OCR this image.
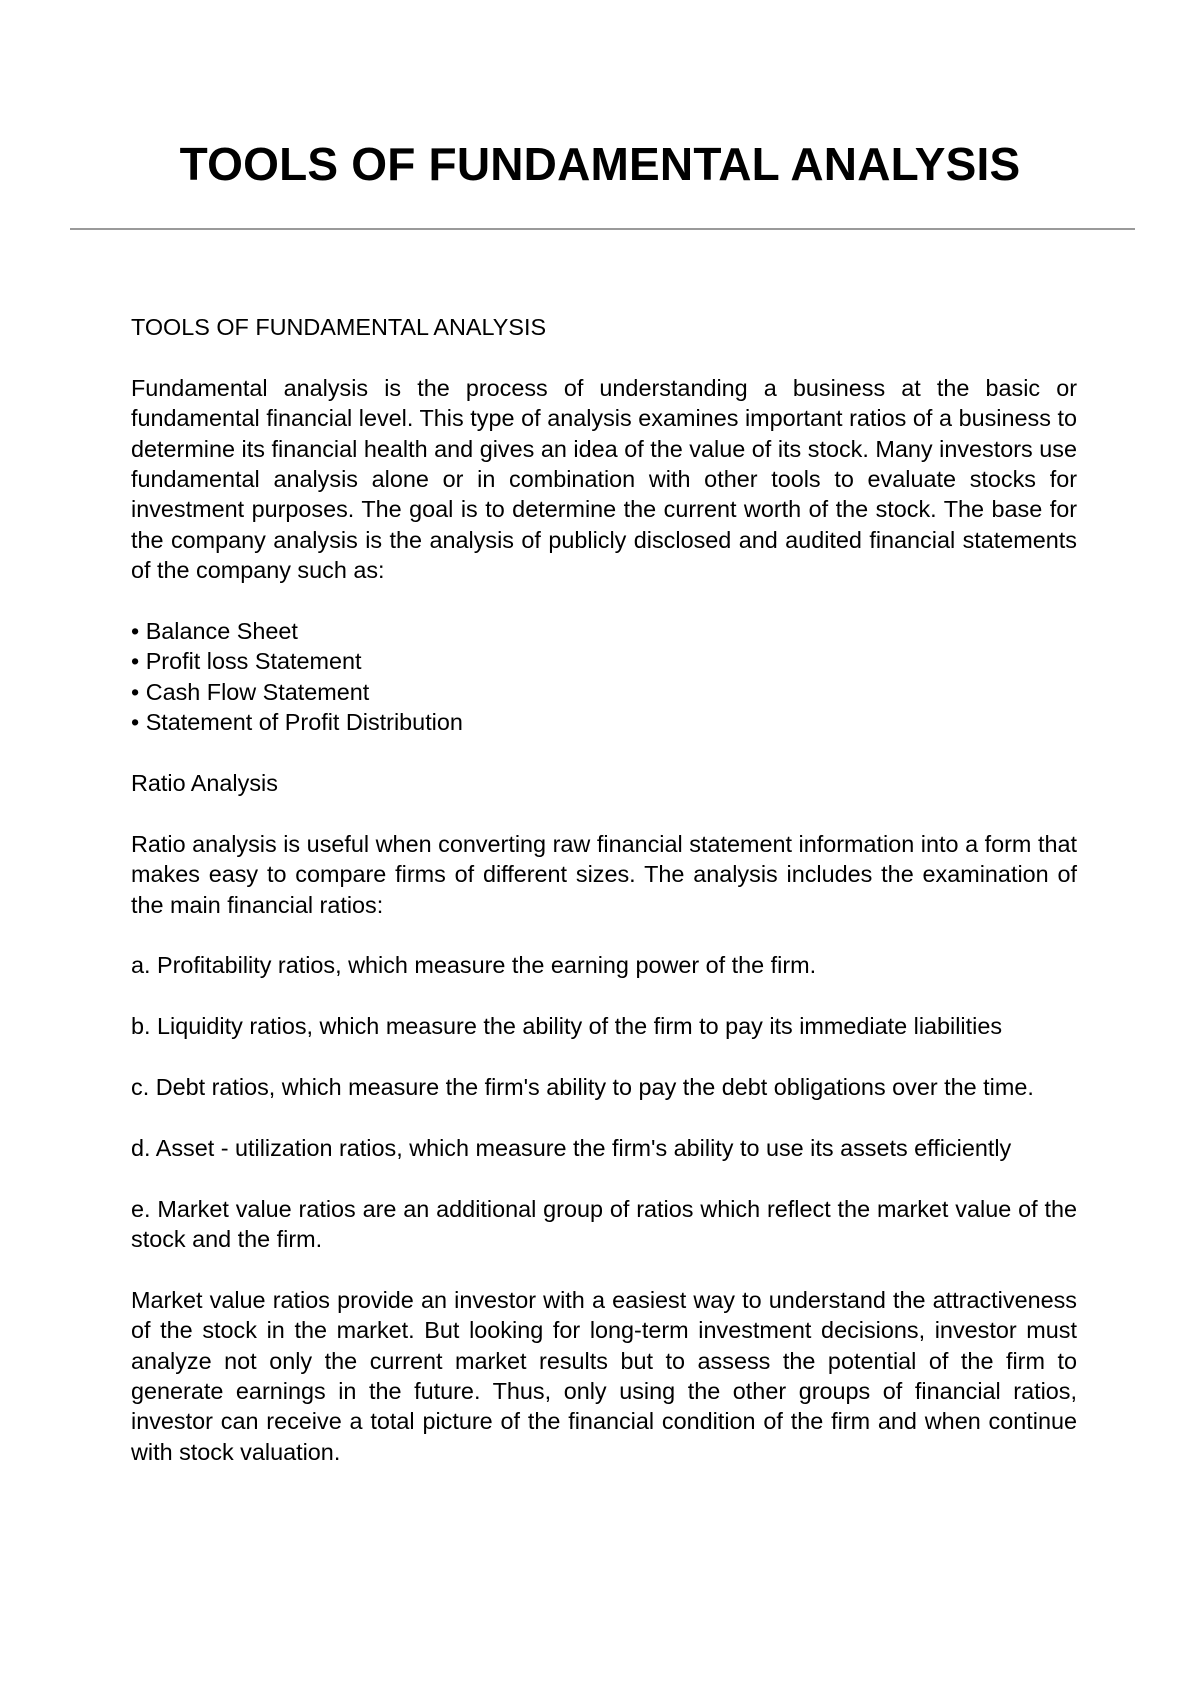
TOOLS OF FUNDAMENTAL ANALYSIS

TOOLS OF FUNDAMENTAL ANALYSIS

Fundamental analysis is the process of understanding a business at the basic or fundamental financial level. This type of analysis examines important ratios of a business to determine its financial health and gives an idea of the value of its stock. Many investors use fundamental analysis alone or in combination with other tools to evaluate stocks for investment purposes. The goal is to determine the current worth of the stock. The base for the company analysis is the analysis of publicly disclosed and audited financial statements of the company such as:

• Balance Sheet
• Profit loss Statement
• Cash Flow Statement
• Statement of Profit Distribution

Ratio Analysis

Ratio analysis is useful when converting raw financial statement information into a form that makes easy to compare firms of different sizes. The analysis includes the examination of the main financial ratios:

a. Profitability ratios, which measure the earning power of the firm.

b. Liquidity ratios, which measure the ability of the firm to pay its immediate liabilities

c. Debt ratios, which measure the firm's ability to pay the debt obligations over the time.

d. Asset - utilization ratios, which measure the firm's ability to use its assets efficiently

e. Market value ratios are an additional group of ratios which reflect the market value of the stock and the firm.

Market value ratios provide an investor with a easiest way to understand the attractiveness of the stock in the market. But looking for long-term investment decisions, investor must analyze not only the current market results but to assess the potential of the firm to generate earnings in the future. Thus, only using the other groups of financial ratios, investor can receive a total picture of the financial condition of the firm and when continue with stock valuation.
